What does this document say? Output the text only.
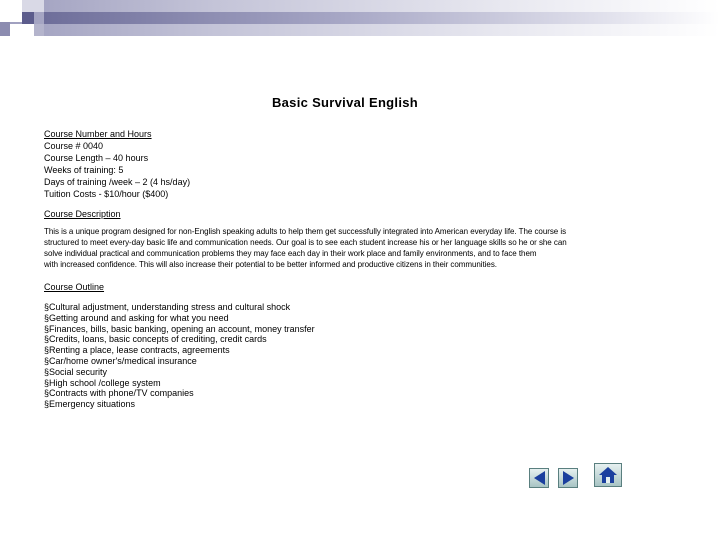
Basic Survival English
Course Number and Hours
Course # 0040
Course Length – 40 hours
Weeks of training: 5
Days of training /week – 2 (4 hs/day)
Tuition Costs - $10/hour ($400)
Course Description
This is a unique program designed for non-English speaking adults to help them get successfully integrated into American everyday life. The course is
structured to meet every-day basic life and communication needs. Our goal is to see each student increase his or her language skills so he or she can
solve individual practical and communication problems they may face each day in their work place and family environments, and to face them
with increased confidence. This will also increase their potential to be better informed and productive citizens in their communities.
Course Outline
§ Cultural adjustment, understanding stress and cultural shock
§ Getting around and asking for what you need
§ Finances, bills, basic banking, opening an account, money transfer
§ Credits, loans, basic concepts of crediting, credit cards
§ Renting a place, lease contracts, agreements
§ Car/home owner's/medical insurance
§ Social security
§ High school /college system
§ Contracts with phone/TV companies
§ Emergency situations
